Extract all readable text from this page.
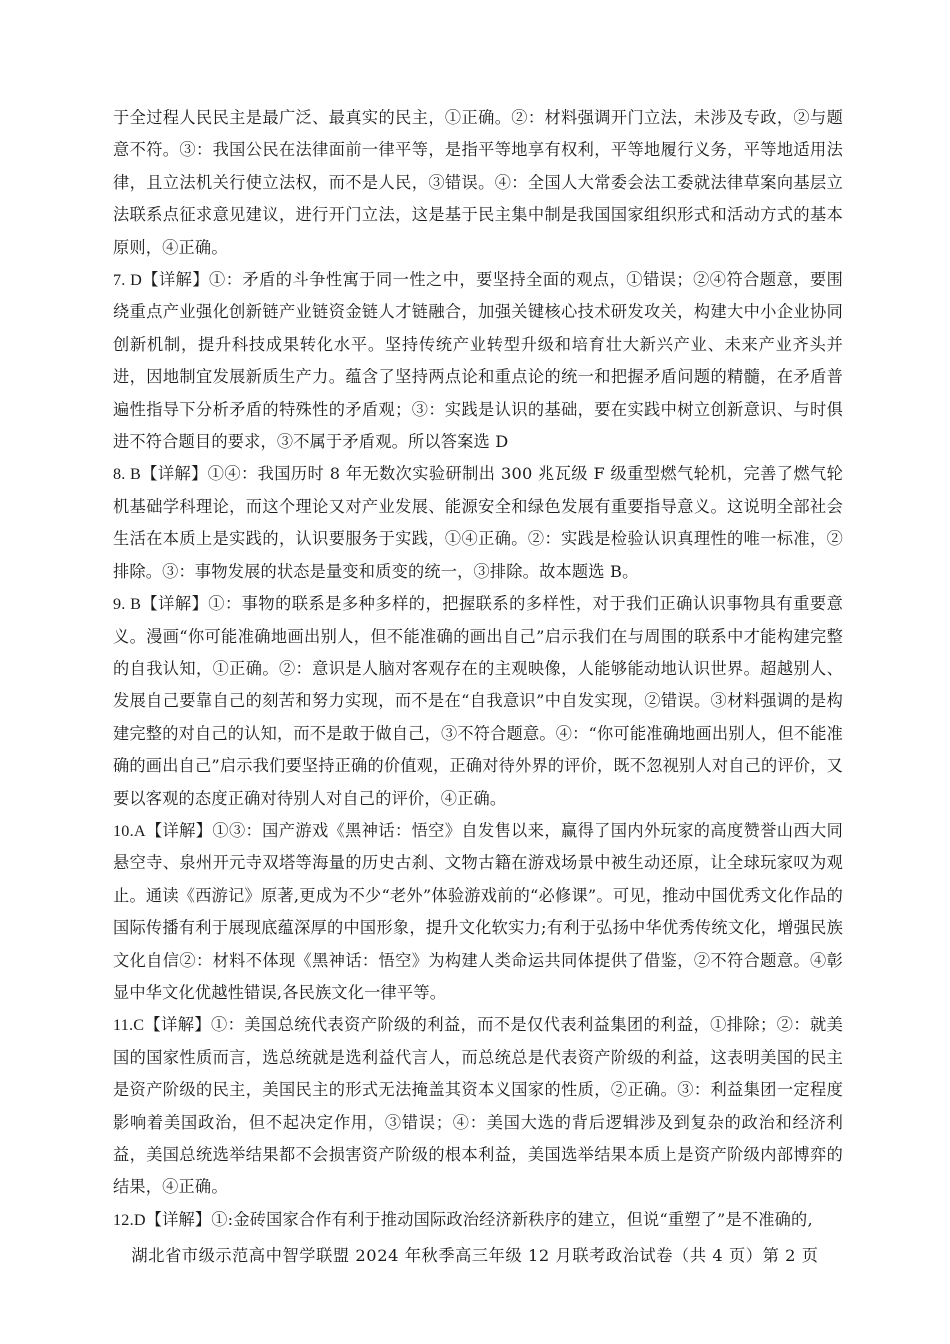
于全过程人民民主是最广泛、最真实的民主，①正确。②：材料强调开门立法，未涉及专政，②与题意不符。③：我国公民在法律面前一律平等，是指平等地享有权利，平等地履行义务，平等地适用法律，且立法机关行使立法权，而不是人民，③错误。④：全国人大常委会法工委就法律草案向基层立法联系点征求意见建议，进行开门立法，这是基于民主集中制是我国国家组织形式和活动方式的基本原则，④正确。

7. D【详解】①：矛盾的斗争性寓于同一性之中，要坚持全面的观点，①错误；②④符合题意，要围绕重点产业强化创新链产业链资金链人才链融合，加强关键核心技术研发攻关，构建大中小企业协同创新机制，提升科技成果转化水平。坚持传统产业转型升级和培育壮大新兴产业、未来产业齐头并进，因地制宜发展新质生产力。蕴含了坚持两点论和重点论的统一和把握矛盾问题的精髓，在矛盾普遍性指导下分析矛盾的特殊性的矛盾观；③：实践是认识的基础，要在实践中树立创新意识、与时俱进不符合题目的要求，③不属于矛盾观。所以答案选 D

8. B【详解】①④：我国历时 8 年无数次实验研制出 300 兆瓦级 F 级重型燃气轮机，完善了燃气轮机基础学科理论，而这个理论又对产业发展、能源安全和绿色发展有重要指导意义。这说明全部社会生活在本质上是实践的，认识要服务于实践，①④正确。②：实践是检验认识真理性的唯一标准，②排除。③：事物发展的状态是量变和质变的统一，③排除。故本题选 B。

9. B【详解】①：事物的联系是多种多样的，把握联系的多样性，对于我们正确认识事物具有重要意义。漫画“你可能准确地画出别人，但不能准确的画出自己”启示我们在与周围的联系中才能构建完整的自我认知，①正确。②：意识是人脑对客观存在的主观映像，人能够能动地认识世界。超越别人、发展自己要靠自己的刻苦和努力实现，而不是在“自我意识”中自发实现，②错误。③材料强调的是构建完整的对自己的认知，而不是敢于做自己，③不符合题意。④：“你可能准确地画出别人，但不能准确的画出自己”启示我们要坚持正确的价值观，正确对待外界的评价，既不忽视别人对自己的评价，又要以客观的态度正确对待别人对自己的评价，④正确。

10.A【详解】①③：国产游戏《黑神话：悟空》自发售以来，赢得了国内外玩家的高度赞誉山西大同悬空寺、泉州开元寺双塔等海量的历史古刹、文物古籍在游戏场景中被生动还原，让全球玩家叹为观止。通读《西游记》原著,更成为不少“老外”体验游戏前的“必修课”。可见，推动中国优秀文化作品的国际传播有利于展现底蕴深厚的中国形象，提升文化软实力;有利于弘扬中华优秀传统文化，增强民族文化自信②：材料不体现《黑神话：悟空》为构建人类命运共同体提供了借鉴，②不符合题意。④彰显中华文化优越性错误,各民族文化一律平等。

11.C【详解】①：美国总统代表资产阶级的利益，而不是仅代表利益集团的利益，①排除；②：就美国的国家性质而言，选总统就是选利益代言人，而总统总是代表资产阶级的利益，这表明美国的民主是资产阶级的民主，美国民主的形式无法掩盖其资本义国家的性质，②正确。③：利益集团一定程度影响着美国政治，但不起决定作用，③错误；④：美国大选的背后逻辑涉及到复杂的政治和经济利益，美国总统选举结果都不会损害资产阶级的根本利益，美国选举结果本质上是资产阶级内部博弈的结果，④正确。

12.D【详解】①:金砖国家合作有利于推动国际政治经济新秩序的建立，但说“重塑了”是不准确的,

湖北省市级示范高中智学联盟 2024 年秋季高三年级 12 月联考政治试卷（共 4 页）第 2 页
